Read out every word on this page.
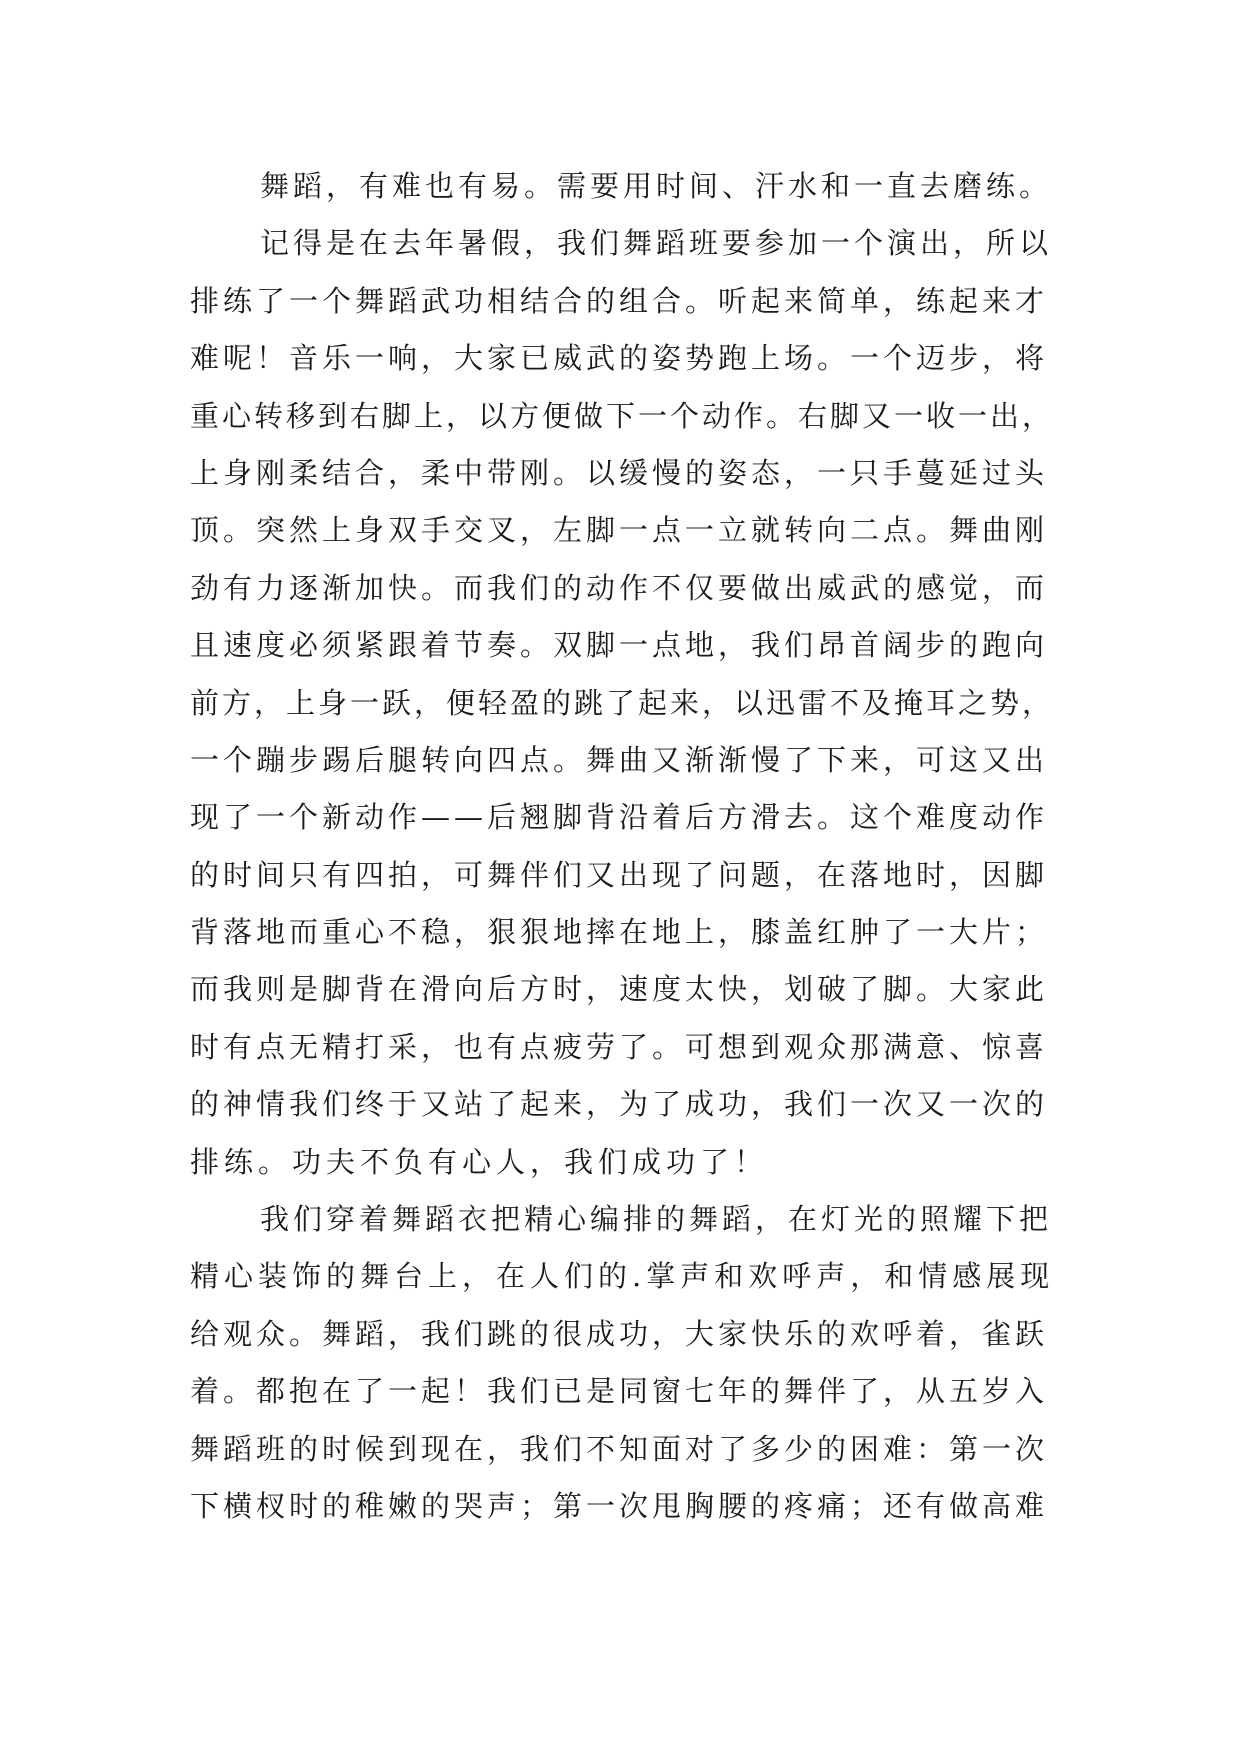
舞蹈，有难也有易。需要用时间、汗水和一直去磨练。
记得是在去年暑假，我们舞蹈班要参加一个演出，所以
排练了一个舞蹈武功相结合的组合。听起来简单，练起来才
难呢！音乐一响，大家已威武的姿势跑上场。一个迈步，将
重心转移到右脚上，以方便做下一个动作。右脚又一收一出，
上身刚柔结合，柔中带刚。以缓慢的姿态，一只手蔓延过头
顶。突然上身双手交叉，左脚一点一立就转向二点。舞曲刚
劲有力逐渐加快。而我们的动作不仅要做出威武的感觉，而
且速度必须紧跟着节奏。双脚一点地，我们昂首阔步的跑向
前方，上身一跃，便轻盈的跳了起来，以迅雷不及掩耳之势，
一个蹦步踢后腿转向四点。舞曲又渐渐慢了下来，可这又出
现了一个新动作——后翘脚背沿着后方滑去。这个难度动作
的时间只有四拍，可舞伴们又出现了问题，在落地时，因脚
背落地而重心不稳，狠狠地摔在地上，膝盖红肿了一大片；
而我则是脚背在滑向后方时，速度太快，划破了脚。大家此
时有点无精打采，也有点疲劳了。可想到观众那满意、惊喜
的神情我们终于又站了起来，为了成功，我们一次又一次的
排练。功夫不负有心人，我们成功了！
我们穿着舞蹈衣把精心编排的舞蹈，在灯光的照耀下把
精心装饰的舞台上，在人们的.掌声和欢呼声，和情感展现
给观众。舞蹈，我们跳的很成功，大家快乐的欢呼着，雀跃
着。都抱在了一起！我们已是同窗七年的舞伴了，从五岁入
舞蹈班的时候到现在，我们不知面对了多少的困难：第一次
下横杈时的稚嫩的哭声；第一次甩胸腰的疼痛；还有做高难
